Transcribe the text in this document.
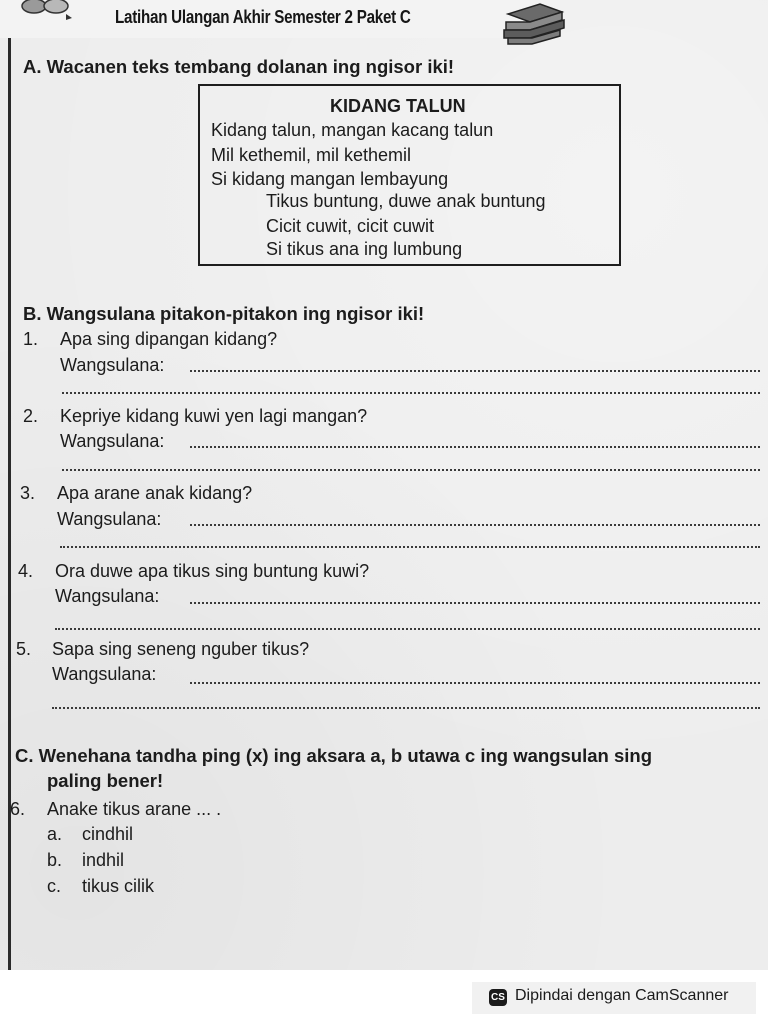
Latihan Ulangan Akhir Semester 2 Paket C
A. Wacanen teks tembang dolanan ing ngisor iki!
KIDANG TALUN
Kidang talun, mangan kacang talun
Mil kethemil, mil kethemil
Si kidang mangan lembayung
Tikus buntung, duwe anak buntung
Cicit cuwit, cicit cuwit
Si tikus ana ing lumbung
B. Wangsulana pitakon-pitakon ing ngisor iki!
1. Apa sing dipangan kidang?
Wangsulana:
2. Kepriye kidang kuwi yen lagi mangan?
Wangsulana:
3. Apa arane anak kidang?
Wangsulana:
4. Ora duwe apa tikus sing buntung kuwi?
Wangsulana:
5. Sapa sing seneng nguber tikus?
Wangsulana:
C. Wenehana tandha ping (x) ing aksara a, b utawa c ing wangsulan sing
paling bener!
6. Anake tikus arane ... .
a. cindhil
b. indhil
c. tikus cilik
CS Dipindai dengan CamScanner
